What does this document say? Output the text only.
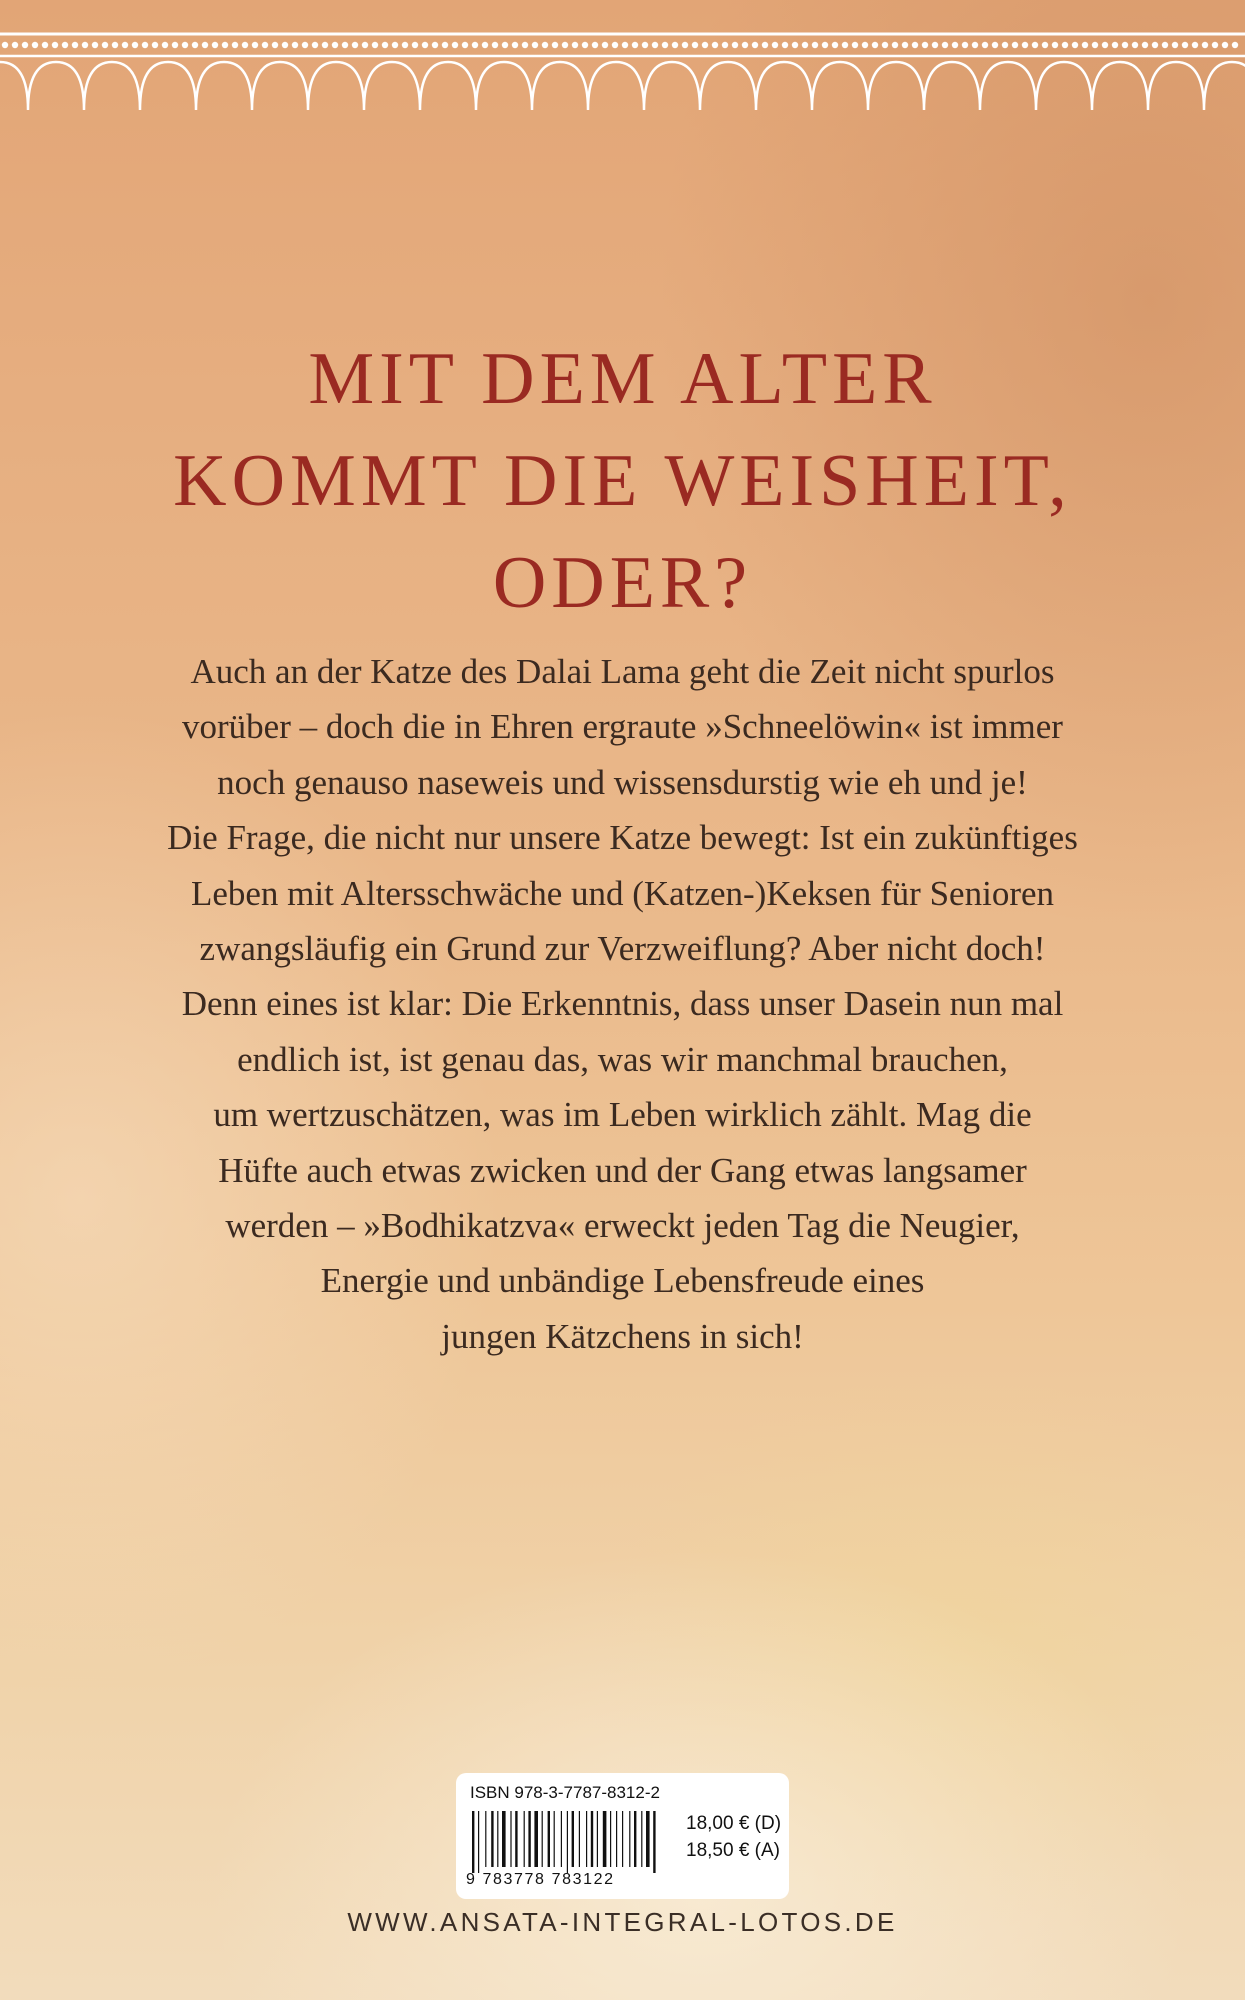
MIT DEM ALTER
KOMMT DIE WEISHEIT,
ODER?
Auch an der Katze des Dalai Lama geht die Zeit nicht spurlos
vorüber – doch die in Ehren ergraute »Schneelöwin« ist immer
noch genauso naseweis und wissensdurstig wie eh und je!
Die Frage, die nicht nur unsere Katze bewegt: Ist ein zukünftiges
Leben mit Altersschwäche und (Katzen-)Keksen für Senioren
zwangsläufig ein Grund zur Verzweiflung? Aber nicht doch!
Denn eines ist klar: Die Erkenntnis, dass unser Dasein nun mal
endlich ist, ist genau das, was wir manchmal brauchen,
um wertzuschätzen, was im Leben wirklich zählt. Mag die
Hüfte auch etwas zwicken und der Gang etwas langsamer
werden – »Bodhikatzva« erweckt jeden Tag die Neugier,
Energie und unbändige Lebensfreude eines
jungen Kätzchens in sich!
ISBN 978-3-7787-8312-2
9 783778 783122
18,00 € (D)
18,50 € (A)
WWW.ANSATA-INTEGRAL-LOTOS.DE
